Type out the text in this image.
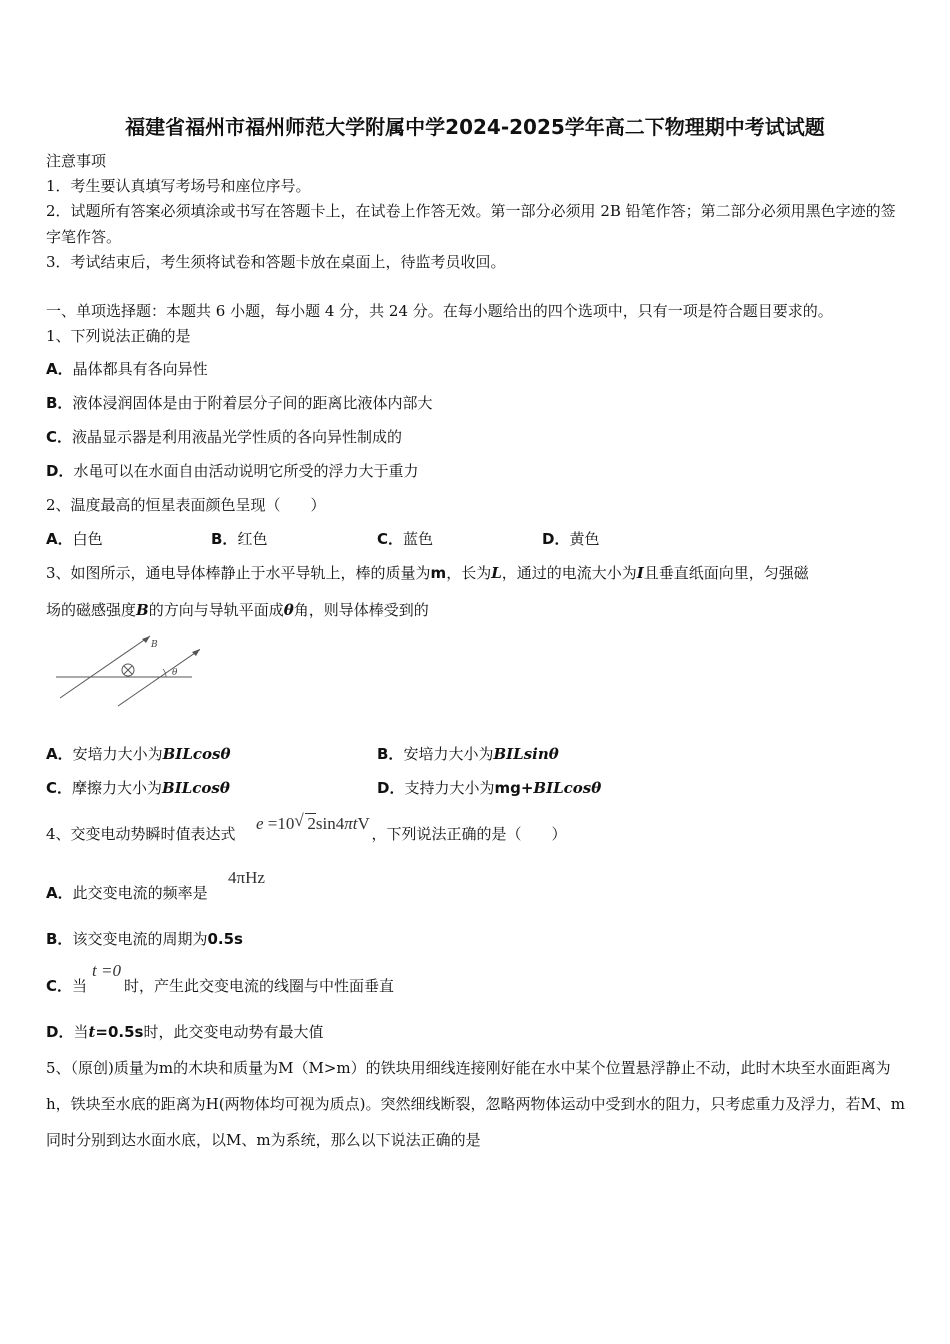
福建省福州市福州师范大学附属中学2024-2025学年高二下物理期中考试试题
注意事项
1．考生要认真填写考场号和座位序号。
2．试题所有答案必须填涂或书写在答题卡上，在试卷上作答无效。第一部分必须用 2B 铅笔作答；第二部分必须用黑色字迹的签字笔作答。
3．考试结束后，考生须将试卷和答题卡放在桌面上，待监考员收回。
一、单项选择题：本题共 6 小题，每小题 4 分，共 24 分。在每小题给出的四个选项中，只有一项是符合题目要求的。
1、下列说法正确的是
A．晶体都具有各向异性
B．液体浸润固体是由于附着层分子间的距离比液体内部大
C．液晶显示器是利用液晶光学性质的各向异性制成的
D．水黾可以在水面自由活动说明它所受的浮力大于重力
2、温度最高的恒星表面颜色呈现（　　）
A．白色	B．红色	C．蓝色	D．黄色
3、如图所示，通电导体棒静止于水平导轨上，棒的质量为m，长为L，通过的电流大小为I且垂直纸面向里，匀强磁
场的磁感强度B的方向与导轨平面成θ角，则导体棒受到的
B
θ
A．安培力大小为BILcosθ	B．安培力大小为BILsinθ
C．摩擦力大小为BILcosθ	D．支持力大小为mg+BILcosθ
4、交变电动势瞬时值表达式	，下列说法正确的是（　　）
e =10 √ 2sin4πtV
A．此交变电流的频率是
4πHz
B．该交变电流的周期为0.5s
C．当 时，产生此交变电流的线圈与中性面垂直
t =0
D．当t=0.5s时，此交变电动势有最大值
5、（原创)质量为m的木块和质量为M（M>m）的铁块用细线连接刚好能在水中某个位置悬浮静止不动，此时木块至水面距离为h，铁块至水底的距离为H(两物体均可视为质点)。突然细线断裂，忽略两物体运动中受到水的阻力，只考虑重力及浮力，若M、m同时分别到达水面水底，以M、m为系统，那么以下说法正确的是
